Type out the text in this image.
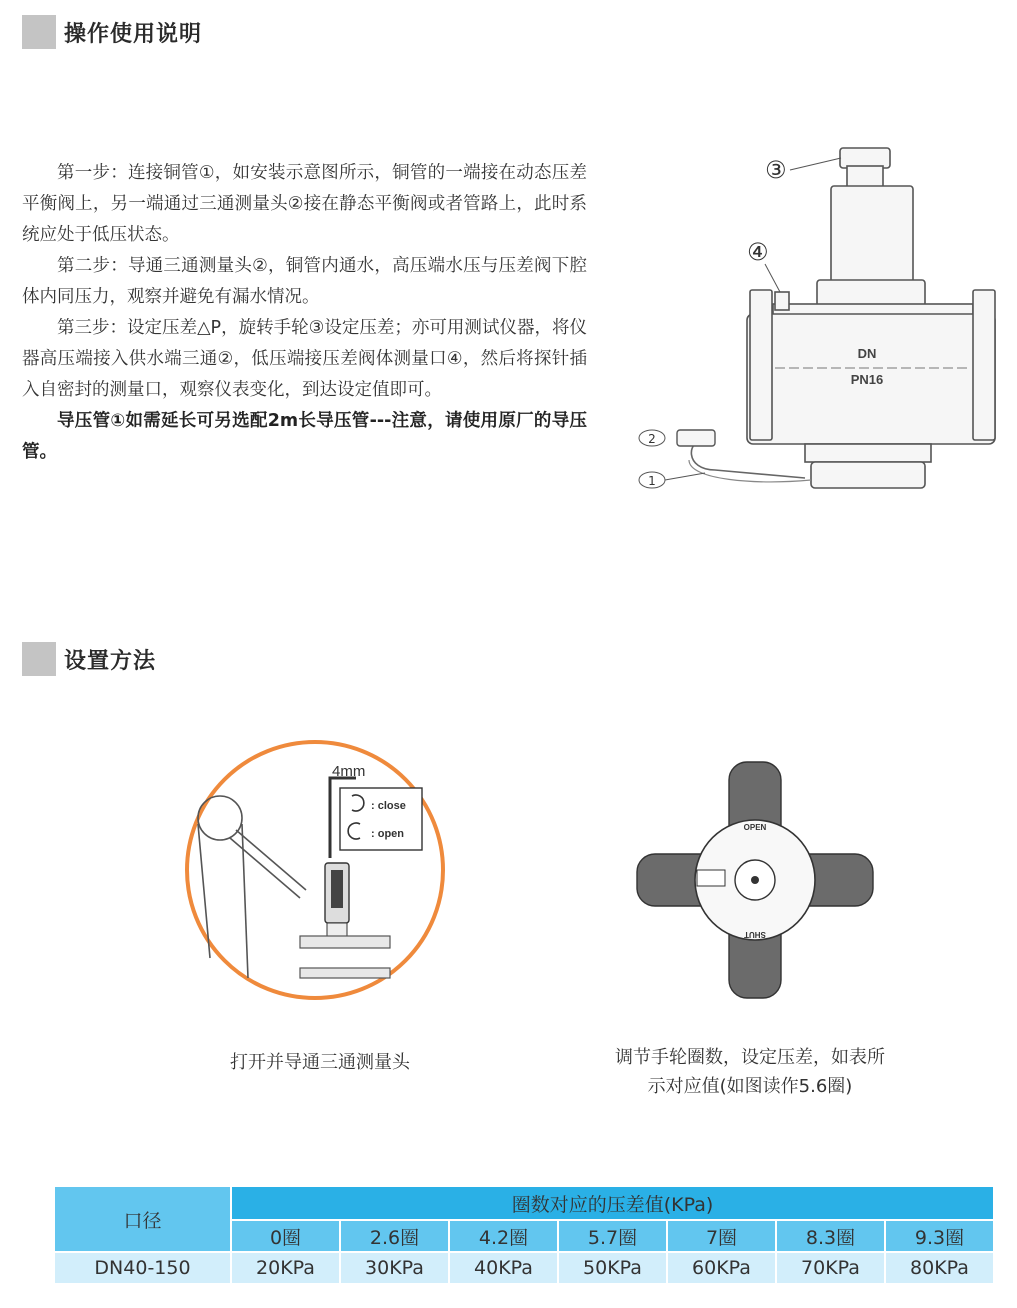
操作使用说明

第一步：连接铜管①，如安装示意图所示，铜管的一端接在动态压差平衡阀上，另一端通过三通测量头②接在静态平衡阀或者管路上，此时系统应处于低压状态。

第二步：导通三通测量头②，铜管内通水，高压端水压与压差阀下腔体内同压力，观察并避免有漏水情况。

第三步：设定压差△P，旋转手轮③设定压差；亦可用测试仪器，将仪器高压端接入供水端三通②，低压端接压差阀体测量口④，然后将探针插入自密封的测量口，观察仪表变化，到达设定值即可。

导压管①如需延长可另选配2m长导压管---注意，请使用原厂的导压管。

DN
PN16
③
④
2
1
设置方法
4mm
: close
: open
OPEN
SHUT
打开并导通三通测量头	调节手轮圈数，设定压差，如表所
示对应值(如图读作5.6圈)
口径	圈数对应的压差值(KPa)						
	0圈	2.6圈	4.2圈	5.7圈	7圈	8.3圈	9.3圈
DN40-150	20KPa	30KPa	40KPa	50KPa	60KPa	70KPa	80KPa
